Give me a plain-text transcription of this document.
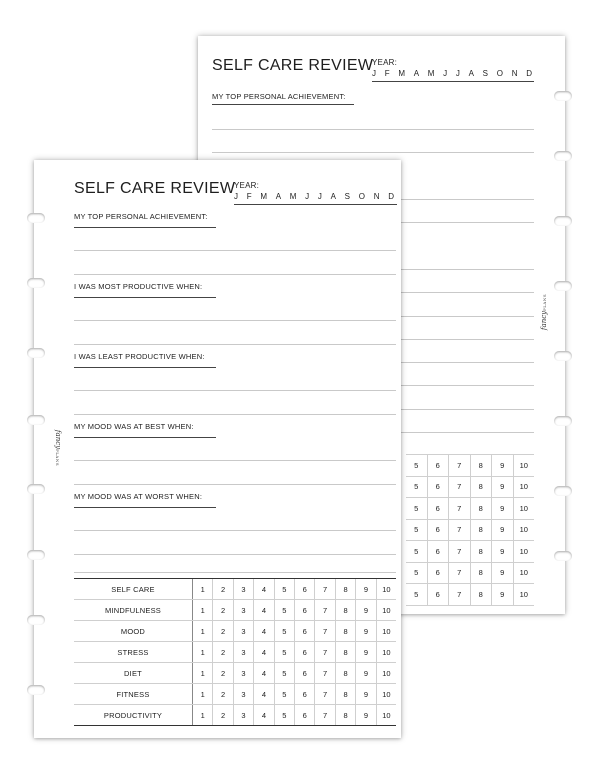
SELF CARE REVIEW
YEAR:
J F M A M J J A S O N D
MY TOP PERSONAL ACHIEVEMENT:
5	6	7	8	9	10
5	6	7	8	9	10
5	6	7	8	9	10
5	6	7	8	9	10
5	6	7	8	9	10
5	6	7	8	9	10
5	6	7	8	9	10
fancyPLANS
SELF CARE REVIEW
YEAR:
J F M A M J J A S O N D
MY TOP PERSONAL ACHIEVEMENT:
I WAS MOST PRODUCTIVE WHEN:
I WAS LEAST PRODUCTIVE WHEN:
MY MOOD WAS AT BEST WHEN:
MY MOOD WAS AT WORST WHEN:
SELF CARE	1	2	3	4	5	6	7	8	9	10
MINDFULNESS	1	2	3	4	5	6	7	8	9	10
MOOD	1	2	3	4	5	6	7	8	9	10
STRESS	1	2	3	4	5	6	7	8	9	10
DIET	1	2	3	4	5	6	7	8	9	10
FITNESS	1	2	3	4	5	6	7	8	9	10
PRODUCTIVITY	1	2	3	4	5	6	7	8	9	10
fancyPLANS
